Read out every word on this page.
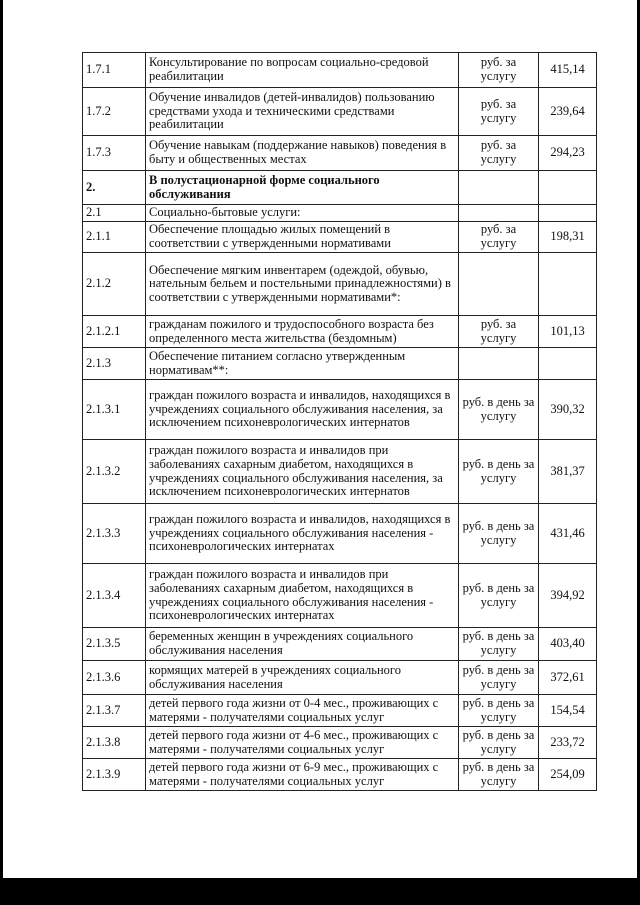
1.7.1	Консультирование по вопросам социально-средовой реабилитации	руб. за услугу	415,14
1.7.2	Обучение инвалидов (детей-инвалидов) пользованию средствами ухода и техническими средствами реабилитации	руб. за услугу	239,64
1.7.3	Обучение навыкам (поддержание навыков) поведения в быту и общественных местах	руб. за услугу	294,23
2.	В полустационарной форме социального обслуживания		
2.1	Социально-бытовые услуги:		
2.1.1	Обеспечение площадью жилых помещений в соответствии с утвержденными нормативами	руб. за услугу	198,31
2.1.2	Обеспечение мягким инвентарем (одеждой, обувью, нательным бельем и постельными принадлежностями) в соответствии с утвержденными нормативами*:		
2.1.2.1	гражданам пожилого и трудоспособного возраста без определенного места жительства (бездомным)	руб. за услугу	101,13
2.1.3	Обеспечение питанием согласно утвержденным нормативам**:		
2.1.3.1	граждан пожилого возраста и инвалидов, находящихся в учреждениях социального обслуживания населения, за исключением психоневрологических интернатов	руб. в день за услугу	390,32
2.1.3.2	граждан пожилого возраста и инвалидов при заболеваниях сахарным диабетом, находящихся в учреждениях социального обслуживания населения, за исключением психоневрологических интернатов	руб. в день за услугу	381,37
2.1.3.3	граждан пожилого возраста и инвалидов, находящихся в учреждениях социального обслуживания населения - психоневрологических интернатах	руб. в день за услугу	431,46
2.1.3.4	граждан пожилого возраста и инвалидов при заболеваниях сахарным диабетом, находящихся в учреждениях социального обслуживания населения - психоневрологических интернатах	руб. в день за услугу	394,92
2.1.3.5	беременных женщин в учреждениях социального обслуживания населения	руб. в день за услугу	403,40
2.1.3.6	кормящих матерей в учреждениях социального обслуживания населения	руб. в день за услугу	372,61
2.1.3.7	детей первого года жизни от 0-4 мес., проживающих с матерями - получателями социальных услуг	руб. в день за услугу	154,54
2.1.3.8	детей первого года жизни от 4-6 мес., проживающих с матерями - получателями социальных услуг	руб. в день за услугу	233,72
2.1.3.9	детей первого года жизни от 6-9 мес., проживающих с матерями - получателями социальных услуг	руб. в день за услугу	254,09
